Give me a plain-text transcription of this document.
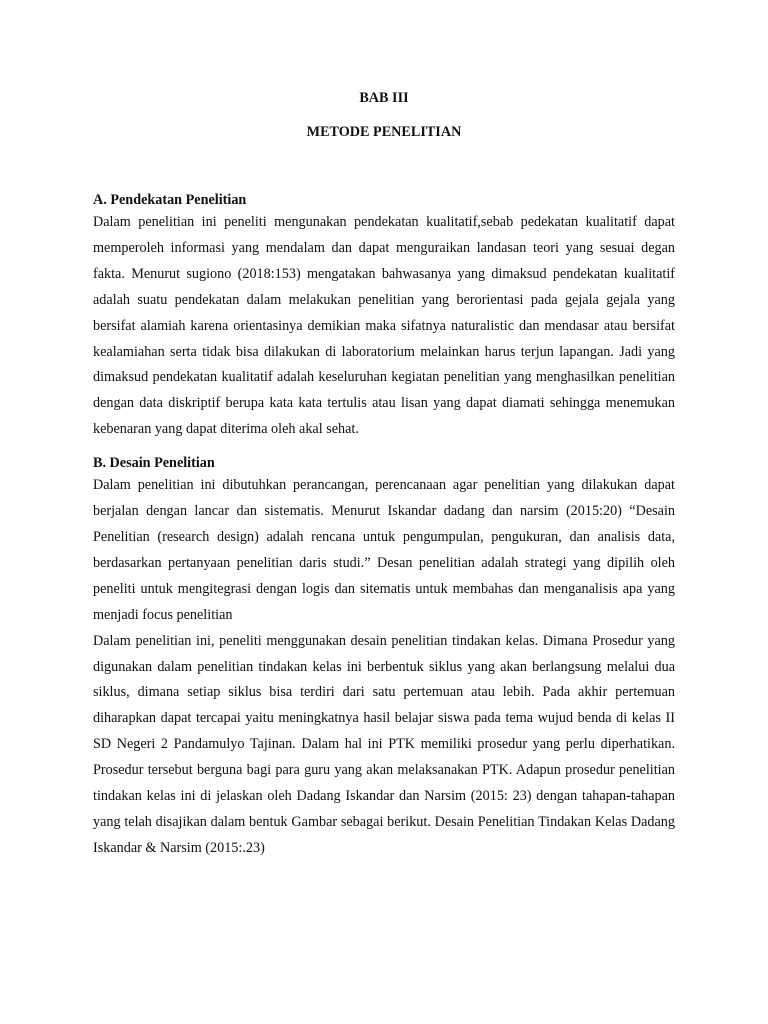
BAB III
METODE PENELITIAN
A. Pendekatan Penelitian

Dalam penelitian ini peneliti mengunakan pendekatan kualitatif,sebab pedekatan kualitatif dapat memperoleh informasi yang mendalam dan dapat menguraikan landasan teori yang sesuai degan fakta. Menurut sugiono (2018:153) mengatakan bahwasanya yang dimaksud pendekatan kualitatif adalah suatu pendekatan dalam melakukan penelitian yang berorientasi pada gejala gejala yang bersifat alamiah karena orientasinya demikian maka sifatnya naturalistic dan mendasar atau bersifat kealamiahan serta tidak bisa dilakukan di laboratorium melainkan harus terjun lapangan. Jadi yang dimaksud pendekatan kualitatif adalah keseluruhan kegiatan penelitian yang menghasilkan penelitian dengan data diskriptif berupa kata kata tertulis atau lisan yang dapat diamati sehingga menemukan kebenaran yang dapat diterima oleh akal sehat.

B. Desain Penelitian

Dalam penelitian ini dibutuhkan perancangan, perencanaan agar penelitian yang dilakukan dapat berjalan dengan lancar dan sistematis. Menurut Iskandar dadang dan narsim (2015:20) “Desain Penelitian (research design) adalah rencana untuk pengumpulan, pengukuran, dan analisis data, berdasarkan pertanyaan penelitian daris studi.” Desan penelitian adalah strategi yang dipilih oleh peneliti untuk mengitegrasi dengan logis dan sitematis untuk membahas dan menganalisis apa yang menjadi focus penelitian

Dalam penelitian ini, peneliti menggunakan desain penelitian tindakan kelas. Dimana Prosedur yang digunakan dalam penelitian tindakan kelas ini berbentuk siklus yang akan berlangsung melalui dua siklus, dimana setiap siklus bisa terdiri dari satu pertemuan atau lebih. Pada akhir pertemuan diharapkan dapat tercapai yaitu meningkatnya hasil belajar siswa pada tema wujud benda di kelas II SD Negeri 2 Pandamulyo Tajinan. Dalam hal ini PTK memiliki prosedur yang perlu diperhatikan. Prosedur tersebut berguna bagi para guru yang akan melaksanakan PTK. Adapun prosedur penelitian tindakan kelas ini di jelaskan oleh Dadang Iskandar dan Narsim (2015: 23) dengan tahapan-tahapan yang telah disajikan dalam bentuk Gambar sebagai berikut. Desain Penelitian Tindakan Kelas Dadang Iskandar & Narsim (2015:.23)
